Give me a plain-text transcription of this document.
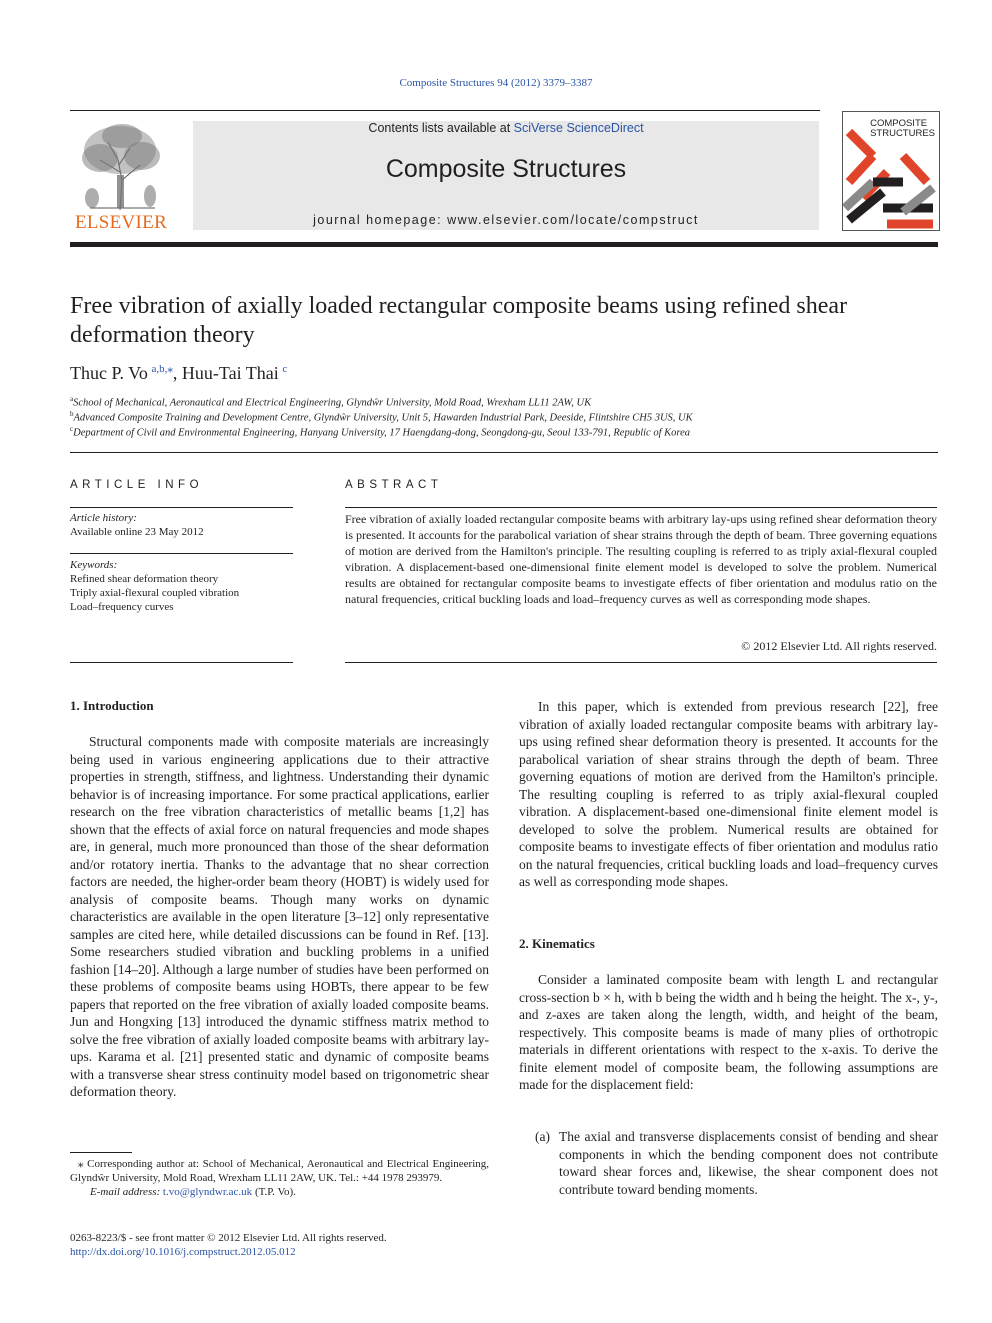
Composite Structures 94 (2012) 3379–3387
ELSEVIER
Contents lists available at SciVerse ScienceDirect
Composite Structures
journal homepage: www.elsevier.com/locate/compstruct
COMPOSITE
STRUCTURES
Free vibration of axially loaded rectangular composite beams using refined shear deformation theory
Thuc P. Vo  $^{a,b,⁎}$, Huu-Tai Thai  $^c$
$^a$School of Mechanical, Aeronautical and Electrical Engineering, Glyndŵr University, Mold Road, Wrexham LL11 2AW, UK
$^b$Advanced Composite Training and Development Centre, Glyndŵr University, Unit 5, Hawarden Industrial Park, Deeside, Flintshire CH5 3US, UK
$^c$Department of Civil and Environmental Engineering, Hanyang University, 17 Haengdang-dong, Seongdong-gu, Seoul 133-791, Republic of Korea
ARTICLE INFO
Article history:
Available online 23 May 2012
Keywords:
Refined shear deformation theory
Triply axial-flexural coupled vibration
Load–frequency curves
ABSTRACT
Free vibration of axially loaded rectangular composite beams with arbitrary lay-ups using refined shear deformation theory is presented. It accounts for the parabolical variation of shear strains through the depth of beam. Three governing equations of motion are derived from the Hamilton's principle. The resulting coupling is referred to as triply axial-flexural coupled vibration. A displacement-based one-dimensional finite element model is developed to solve the problem. Numerical results are obtained for rectangular composite beams to investigate effects of fiber orientation and modulus ratio on the natural frequencies, critical buckling loads and load–frequency curves as well as corresponding mode shapes.
© 2012 Elsevier Ltd. All rights reserved.
1. Introduction

Structural components made with composite materials are increasingly being used in various engineering applications due to their attractive properties in strength, stiffness, and lightness. Understanding their dynamic behavior is of increasing importance. For some practical applications, earlier research on the free vibration characteristics of metallic beams [1,2] has shown that the effects of axial force on natural frequencies and mode shapes are, in general, much more pronounced than those of the shear deformation and/or rotatory inertia. Thanks to the advantage that no shear correction factors are needed, the higher-order beam theory (HOBT) is widely used for analysis of composite beams. Though many works on dynamic characteristics are available in the open literature [3–12] only representative samples are cited here, while detailed discussions can be found in Ref. [13]. Some researchers studied vibration and buckling problems in a unified fashion [14–20]. Although a large number of studies have been performed on these problems of composite beams using HOBTs, there appear to be few papers that reported on the free vibration of axially loaded composite beams. Jun and Hongxing [13] introduced the dynamic stiffness matrix method to solve the free vibration of axially loaded composite beams with arbitrary lay-ups. Karama et al. [21] presented static and dynamic of composite beams with a transverse shear stress continuity model based on trigonometric shear deformation theory.

⁎ Corresponding author at: School of Mechanical, Aeronautical and Electrical Engineering, Glyndŵr University, Mold Road, Wrexham LL11 2AW, UK. Tel.: +44 1978 293979.
E-mail address: t.vo@glyndwr.ac.uk (T.P. Vo).
0263-8223/$ - see front matter © 2012 Elsevier Ltd. All rights reserved.
http://dx.doi.org/10.1016/j.compstruct.2012.05.012

In this paper, which is extended from previous research [22], free vibration of axially loaded rectangular composite beams with arbitrary lay-ups using refined shear deformation theory is presented. It accounts for the parabolical variation of shear strains through the depth of beam. Three governing equations of motion are derived from the Hamilton's principle. The resulting coupling is referred to as triply axial-flexural coupled vibration. A displacement-based one-dimensional finite element model is developed to solve the problem. Numerical results are obtained for composite beams to investigate effects of fiber orientation and modulus ratio on the natural frequencies, critical buckling loads and load–frequency curves as well as corresponding mode shapes.

2. Kinematics

Consider a laminated composite beam with length L and rectangular cross-section b × h, with b being the width and h being the height. The x-, y-, and z-axes are taken along the length, width, and height of the beam, respectively. This composite beams is made of many plies of orthotropic materials in different orientations with respect to the x-axis. To derive the finite element model of composite beam, the following assumptions are made for the displacement field:

(a) The axial and transverse displacements consist of bending and shear components in which the bending component does not contribute toward shear forces and, likewise, the shear component does not contribute toward bending moments.
